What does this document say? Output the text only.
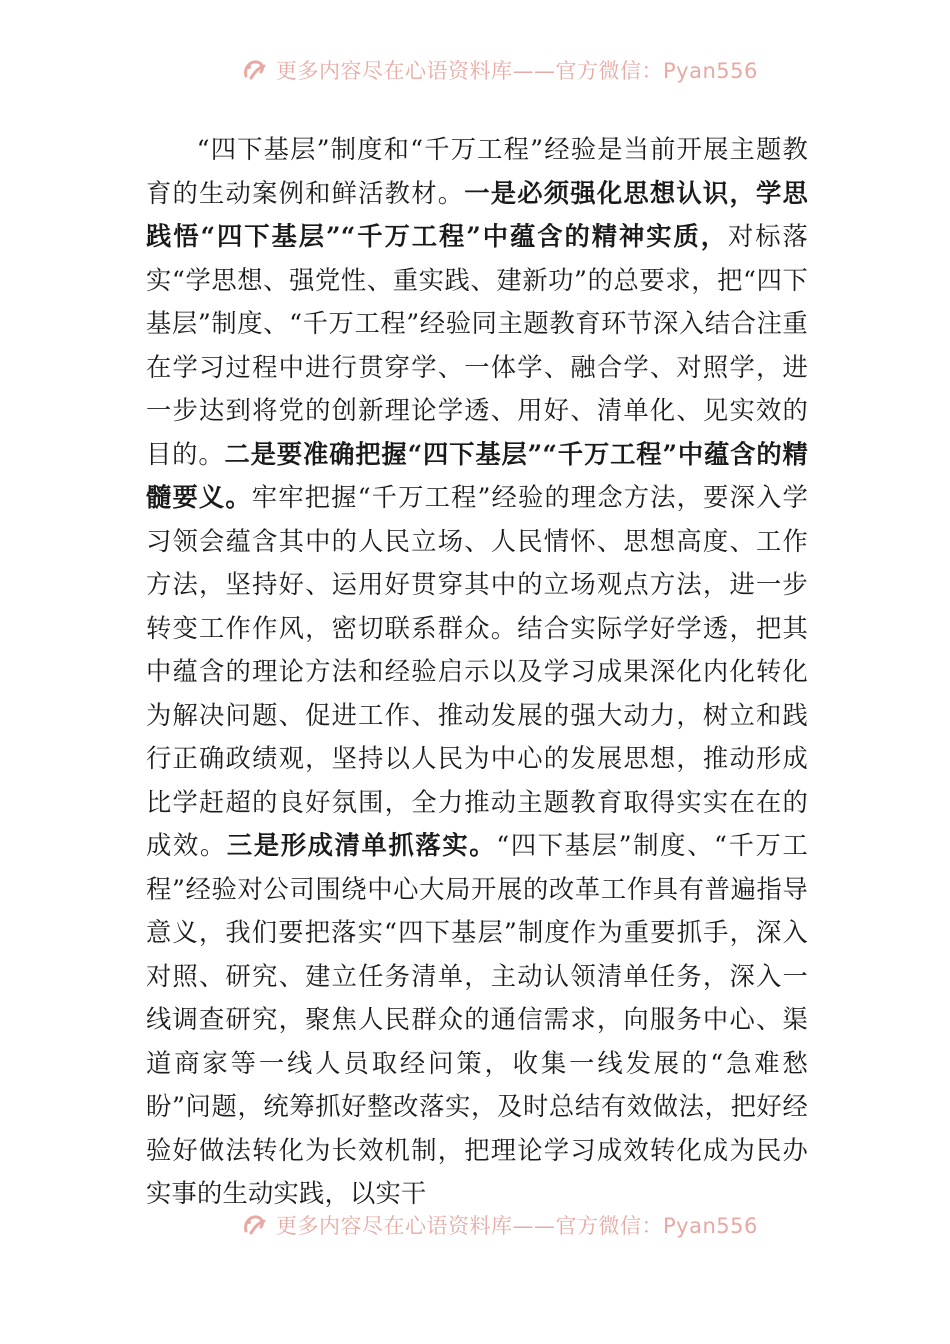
更多内容尽在心语资料库——官方微信：Pyan556
“四下基层”制度和“千万工程”经验是当前开展主题教育的生动案例和鲜活教材。一是必须强化思想认识，学思践悟“四下基层”“千万工程”中蕴含的精神实质，对标落实“学思想、强党性、重实践、建新功”的总要求，把“四下基层”制度、“千万工程”经验同主题教育环节深入结合注重在学习过程中进行贯穿学、一体学、融合学、对照学，进一步达到将党的创新理论学透、用好、清单化、见实效的目的。二是要准确把握“四下基层”“千万工程”中蕴含的精髓要义。牢牢把握“千万工程”经验的理念方法，要深入学习领会蕴含其中的人民立场、人民情怀、思想高度、工作方法，坚持好、运用好贯穿其中的立场观点方法，进一步转变工作作风，密切联系群众。结合实际学好学透，把其中蕴含的理论方法和经验启示以及学习成果深化内化转化为解决问题、促进工作、推动发展的强大动力，树立和践行正确政绩观，坚持以人民为中心的发展思想，推动形成比学赶超的良好氛围，全力推动主题教育取得实实在在的成效。三是形成清单抓落实。“四下基层”制度、“千万工程”经验对公司围绕中心大局开展的改革工作具有普遍指导意义，我们要把落实“四下基层”制度作为重要抓手，深入对照、研究、建立任务清单，主动认领清单任务，深入一线调查研究，聚焦人民群众的通信需求，向服务中心、渠道商家等一线人员取经问策，收集一线发展的“急难愁盼”问题，统筹抓好整改落实，及时总结有效做法，把好经验好做法转化为长效机制，把理论学习成效转化成为民办实事的生动实践，以实干
更多内容尽在心语资料库——官方微信：Pyan556
